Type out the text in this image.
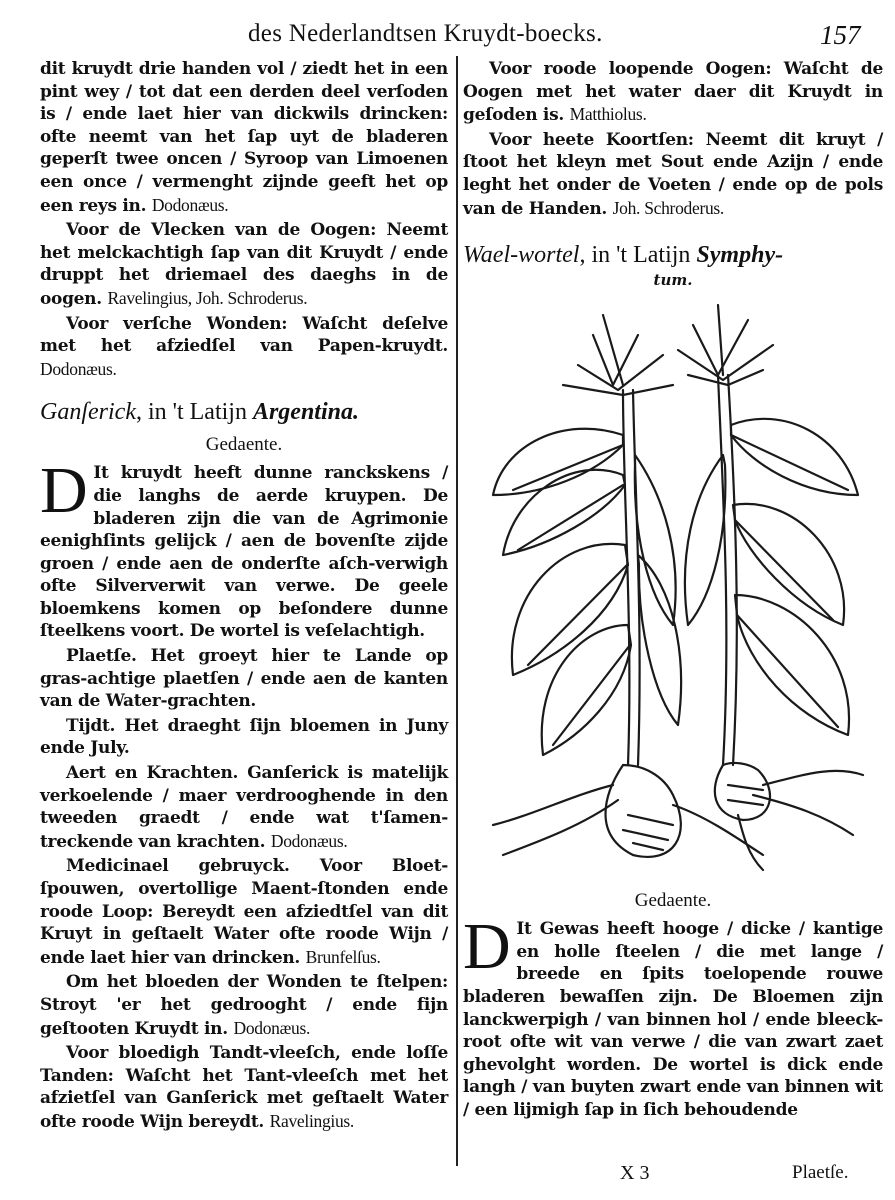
des Nederlandtsen Kruydt-boecks.	157

dit kruydt drie handen vol / ziedt het in een pint wey / tot dat een derden deel verſoden is / ende laet hier van dickwils drincken: ofte neemt van het ſap uyt de bladeren geperſt twee oncen / Syroop van Limoenen een once / vermenght zijnde geeft het op een reys in. Dodonæus.

Voor de Vlecken van de Oogen: Neemt het melckachtigh ſap van dit Kruydt / ende druppt het driemael des daeghs in de oogen. Ravelingius, Joh. Schroderus.

Voor verſche Wonden: Waſcht deſelve met het afziedſel van Papen-kruydt. Dodonæus.

Ganſerick, in 't Latijn Argentina.
Gedaente.

D It kruydt heeft dunne ranckskens / die langhs de aerde kruypen. De bladeren zijn die van de Agrimonie eenighſints gelijck / aen de bovenſte zijde groen / ende aen de onderſte aſch-verwigh ofte Silververwit van verwe. De geele bloemkens komen op beſondere dunne ſteelkens voort. De wortel is veſelachtigh.

Plaetſe. Het groeyt hier te Lande op gras-achtige plaetſen / ende aen de kanten van de Water-grachten.

Tijdt. Het draeght ſijn bloemen in Juny ende July.

Aert en Krachten. Ganſerick is matelijk verkoelende / maer verdrooghende in den tweeden graedt / ende wat t'ſamen-treckende van krachten. Dodonæus.

Medicinael gebruyck. Voor Bloet-ſpouwen, overtollige Maent-ſtonden ende roode Loop: Bereydt een afziedtſel van dit Kruyt in geſtaelt Water ofte roode Wijn / ende laet hier van drincken. Brunfelſus.

Om het bloeden der Wonden te ſtelpen: Stroyt 'er het gedrooght / ende fijn geſtooten Kruydt in. Dodonæus.

Voor bloedigh Tandt-vleeſch, ende loſſe Tanden: Waſcht het Tant-vleeſch met het afzietſel van Ganſerick met geſtaelt Water ofte roode Wijn bereydt. Ravelingius.

Voor roode loopende Oogen: Waſcht de Oogen met het water daer dit Kruydt in geſoden is. Matthiolus.

Voor heete Koortſen: Neemt dit kruyt / ſtoot het kleyn met Sout ende Azijn / ende leght het onder de Voeten / ende op de pols van de Handen. Joh. Schroderus.

Wael-wortel, in 't Latijn Symphy-
tum.
Gedaente.

D It Gewas heeft hooge / dicke / kantige en holle ſteelen / die met lange / breede en ſpits toelopende rouwe bladeren bewaſſen zijn. De Bloemen zijn lanckwerpigh / van binnen hol / ende bleeck-root ofte wit van verwe / die van zwart zaet ghevolght worden. De wortel is dick ende langh / van buyten zwart ende van binnen wit / een lijmigh ſap in ſich behoudende

X 3	Plaetſe.
